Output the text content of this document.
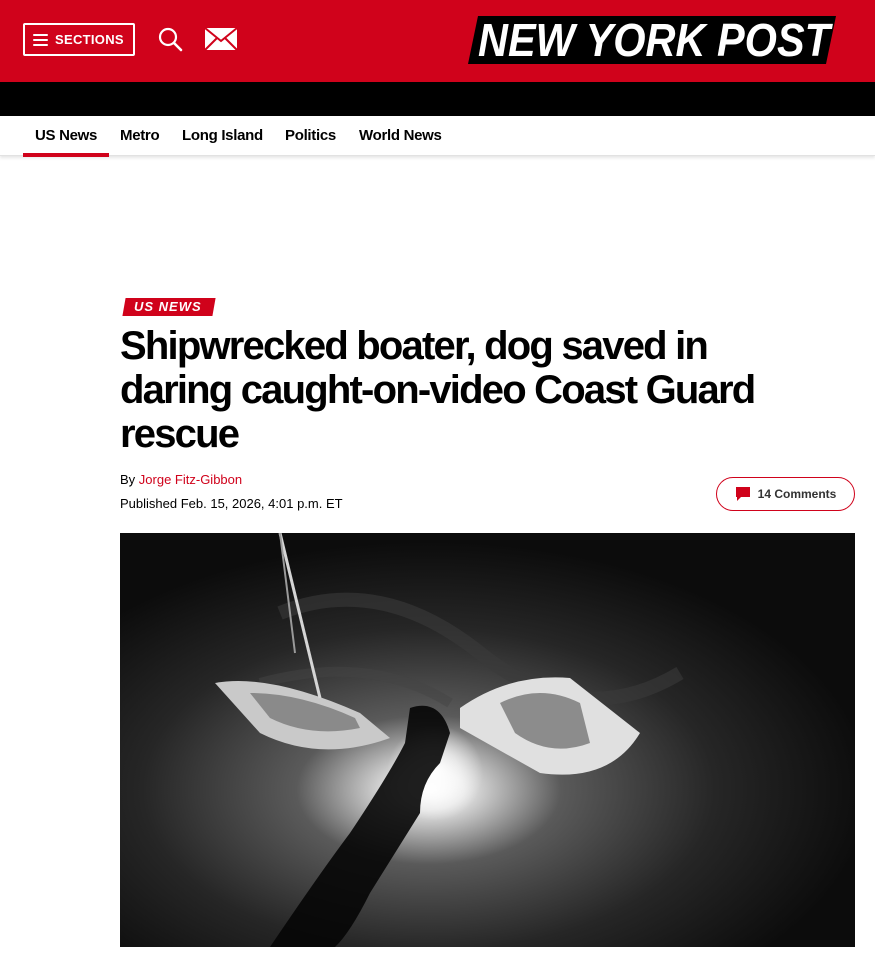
SECTIONS	NEW YORK POST
US News Metro Long Island Politics World News
US NEWS
Shipwrecked boater, dog saved in daring caught-on-video Coast Guard rescue
By Jorge Fitz-Gibbon
Published Feb. 15, 2026, 4:01 p.m. ET
14 Comments
